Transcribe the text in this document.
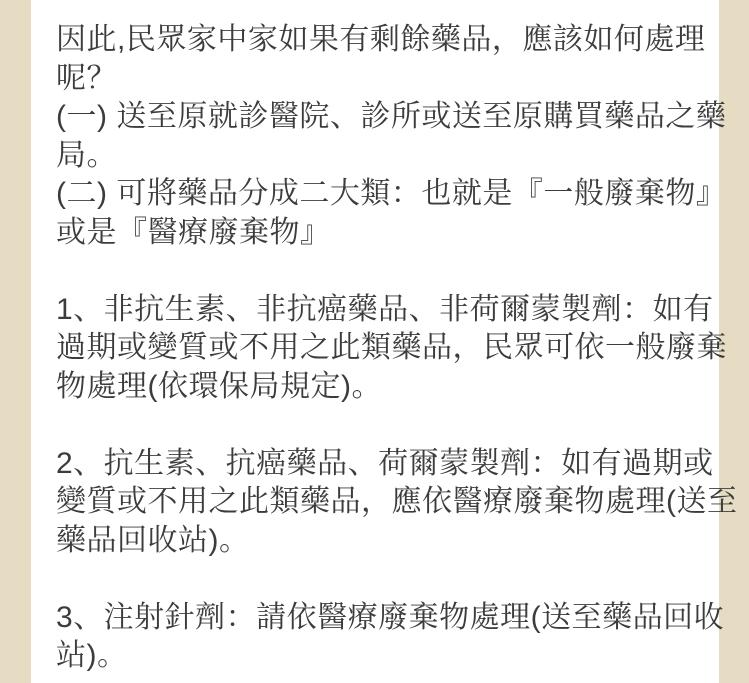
因此,民眾家中家如果有剩餘藥品，應該如何處理
呢？
(一) 送至原就診醫院、診所或送至原購買藥品之藥
局。
(二) 可將藥品分成二大類：也就是『一般廢棄物』
或是『醫療廢棄物』
1、非抗生素、非抗癌藥品、非荷爾蒙製劑：如有
過期或變質或不用之此類藥品，民眾可依一般廢棄
物處理(依環保局規定)。
2、抗生素、抗癌藥品、荷爾蒙製劑：如有過期或
變質或不用之此類藥品，應依醫療廢棄物處理(送至
藥品回收站)。
3、注射針劑：請依醫療廢棄物處理(送至藥品回收
站)。
